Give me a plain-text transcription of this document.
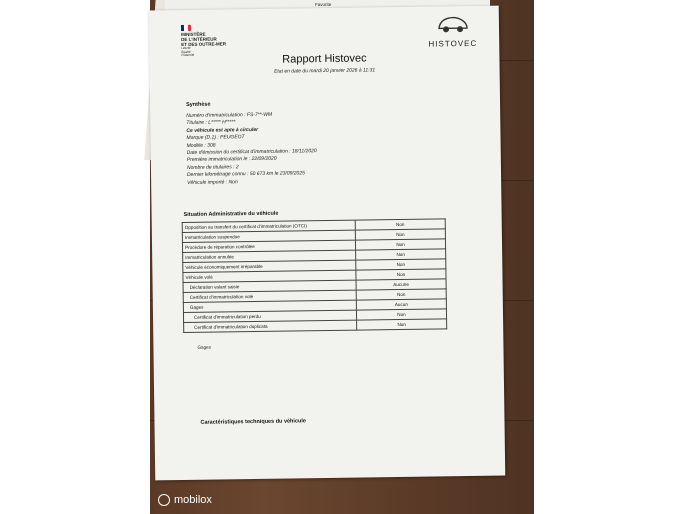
Favorite
MINISTÈRE
DE L'INTÉRIEUR
ET DES OUTRE-MER
Liberté
Égalité
Fraternité
HISTOVEC
Rapport Histovec
Etat en date du mardi 20 janvier 2026 à 11:31
Synthèse
Numéro d'immatriculation : FS-7**-WM
Titulaire : L***** H*****
Ce véhicule est apte à circuler
Marque (D.1) : PEUGEOT
Modèle : 308
Date d'émission du certificat d'immatriculation : 18/11/2020
Première immatriculation le : 22/09/2020
Nombre de titulaires : 2
Dernier kilométrage connu : 50 673 km le 23/09/2025
Véhicule importé : Non
Situation Administrative du véhicule
Opposition au transfert du certificat d'immatriculation (OTCI)	Non
Immatriculation suspendue	Non
Procédure de réparation contrôlée	Non
Immatriculation annulée	Non
Véhicule économiquement irréparable	Non
Véhicule volé	Non
Déclaration valant saisie	Aucune
Certificat d'immatriculation volé	Non
Gages	Aucun
Certificat d'immatriculation perdu	Non
Certificat d'immatriculation duplicata	Non
Gages
Caractéristiques techniques du véhicule
mobilox
